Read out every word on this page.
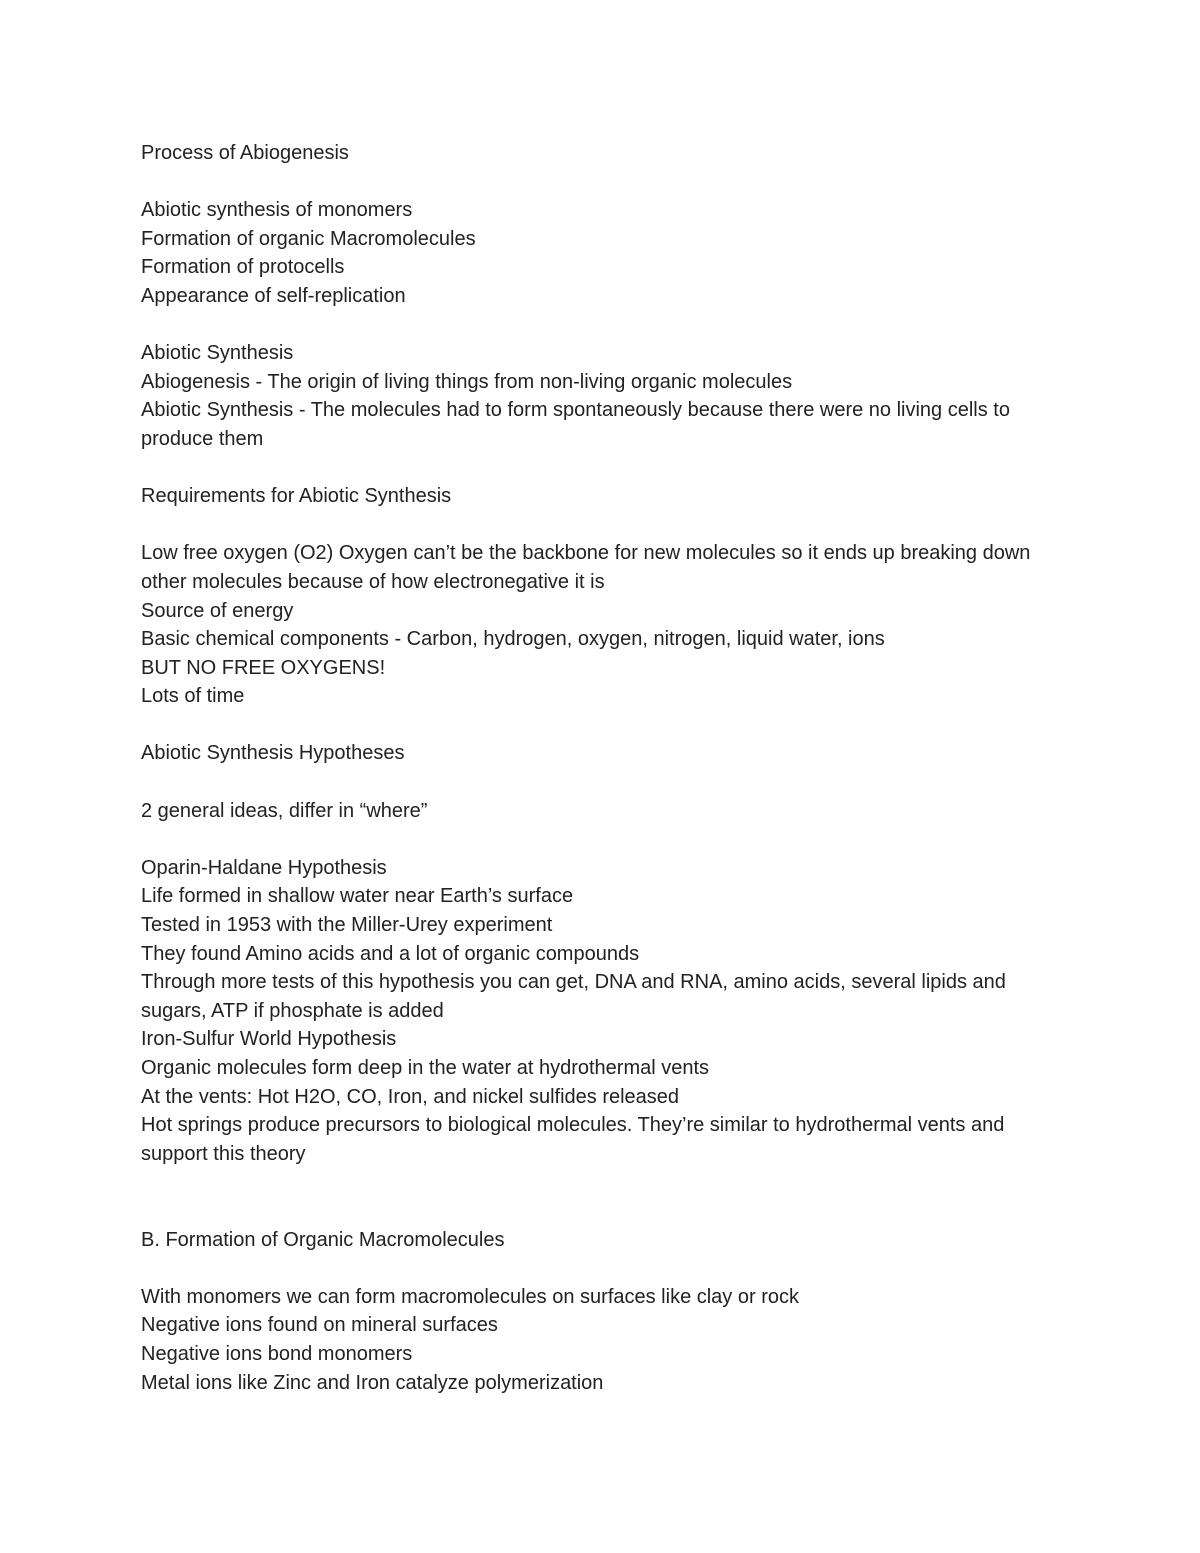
Process of Abiogenesis

Abiotic synthesis of monomers

Formation of organic Macromolecules

Formation of protocells

Appearance of self-replication

Abiotic Synthesis

Abiogenesis - The origin of living things from non-living organic molecules

Abiotic Synthesis - The molecules had to form spontaneously because there were no living cells to produce them

Requirements for Abiotic Synthesis

Low free oxygen (O2) Oxygen can’t be the backbone for new molecules so it ends up breaking down other molecules because of how electronegative it is

Source of energy

Basic chemical components - Carbon, hydrogen, oxygen, nitrogen, liquid water, ions

BUT NO FREE OXYGENS!

Lots of time

Abiotic Synthesis Hypotheses

2 general ideas, differ in “where”

Oparin-Haldane Hypothesis

Life formed in shallow water near Earth’s surface

Tested in 1953 with the Miller-Urey experiment

They found Amino acids and a lot of organic compounds

Through more tests of this hypothesis you can get, DNA and RNA, amino acids, several lipids and sugars, ATP if phosphate is added

Iron-Sulfur World Hypothesis

Organic molecules form deep in the water at hydrothermal vents

At the vents: Hot H2O, CO, Iron, and nickel sulfides released

Hot springs produce precursors to biological molecules. They’re similar to hydrothermal vents and support this theory

B. Formation of Organic Macromolecules

With monomers we can form macromolecules on surfaces like clay or rock

Negative ions found on mineral surfaces

Negative ions bond monomers

Metal ions like Zinc and Iron catalyze polymerization
